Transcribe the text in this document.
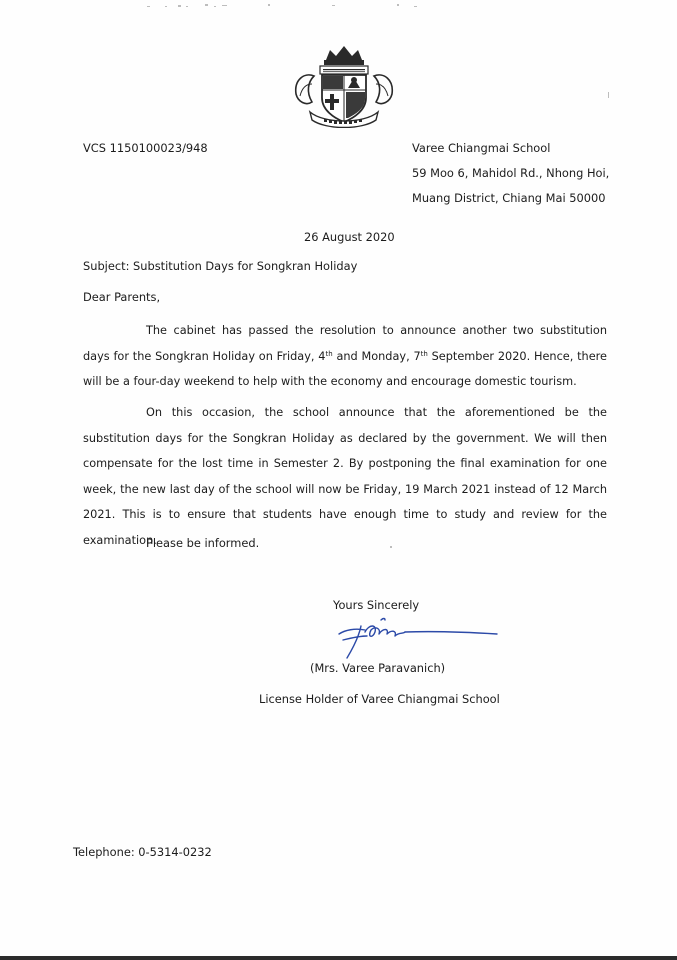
VCS 1150100023/948	Varee Chiangmai School
59 Moo 6, Mahidol Rd., Nhong Hoi,
Muang District, Chiang Mai 50000
26 August 2020
Subject: Substitution Days for Songkran Holiday
Dear Parents,

The cabinet has passed the resolution to announce another two substitution days for the Songkran Holiday on Friday, 4th and Monday, 7th September 2020. Hence, there will be a four-day weekend to help with the economy and encourage domestic tourism.

On this occasion, the school announce that the aforementioned be the substitution days for the Songkran Holiday as declared by the government. We will then compensate for the lost time in Semester 2. By postponing the final examination for one week, the new last day of the school will now be Friday, 19 March 2021 instead of 12 March 2021. This is to ensure that students have enough time to study and review for the examination.

Please be informed.
Yours Sincerely
(Mrs. Varee Paravanich)
License Holder of Varee Chiangmai School
Telephone: 0-5314-0232
